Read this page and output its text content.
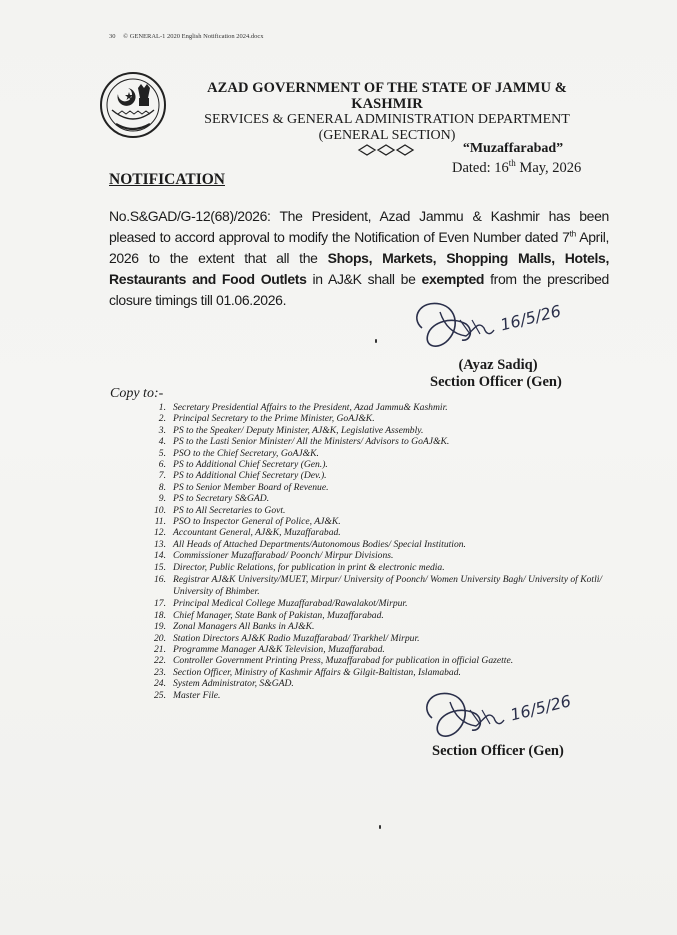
30 © GENERAL-1 2020 English Notification 2024.docx
AZAD GOVERNMENT OF THE STATE OF JAMMU & KASHMIR
SERVICES & GENERAL ADMINISTRATION DEPARTMENT
(GENERAL SECTION)
“Muzaffarabad”
Dated: 16th May, 2026
NOTIFICATION
No.S&GAD/G-12(68)/2026: The President, Azad Jammu & Kashmir has been pleased to accord approval to modify the Notification of Even Number dated 7th April, 2026 to the extent that all the Shops, Markets, Shopping Malls, Hotels, Restaurants and Food Outlets in AJ&K shall be exempted from the prescribed closure timings till 01.06.2026.
16/5/26
(Ayaz Sadiq)
Section Officer (Gen)
Copy to:-
1. Secretary Presidential Affairs to the President, Azad Jammu& Kashmir.
2. Principal Secretary to the Prime Minister, GoAJ&K.
3. PS to the Speaker/ Deputy Minister, AJ&K, Legislative Assembly.
4. PS to the Lasti Senior Minister/ All the Ministers/ Advisors to GoAJ&K.
5. PSO to the Chief Secretary, GoAJ&K.
6. PS to Additional Chief Secretary (Gen.).
7. PS to Additional Chief Secretary (Dev.).
8. PS to Senior Member Board of Revenue.
9. PS to Secretary S&GAD.
10. PS to All Secretaries to Govt.
11. PSO to Inspector General of Police, AJ&K.
12. Accountant General, AJ&K, Muzaffarabad.
13. All Heads of Attached Departments/Autonomous Bodies/ Special Institution.
14. Commissioner Muzaffarabad/ Poonch/ Mirpur Divisions.
15. Director, Public Relations, for publication in print & electronic media.
16. Registrar AJ&K University/MUET, Mirpur/ University of Poonch/ Women University Bagh/ University of Kotli/ University of Bhimber.
17. Principal Medical College Muzaffarabad/Rawalakot/Mirpur.
18. Chief Manager, State Bank of Pakistan, Muzaffarabad.
19. Zonal Managers All Banks in AJ&K.
20. Station Directors AJ&K Radio Muzaffarabad/ Trarkhel/ Mirpur.
21. Programme Manager AJ&K Television, Muzaffarabad.
22. Controller Government Printing Press, Muzaffarabad for publication in official Gazette.
23. Section Officer, Ministry of Kashmir Affairs & Gilgit-Baltistan, Islamabad.
24. System Administrator, S&GAD.
25. Master File.	16/5/26
Section Officer (Gen)
